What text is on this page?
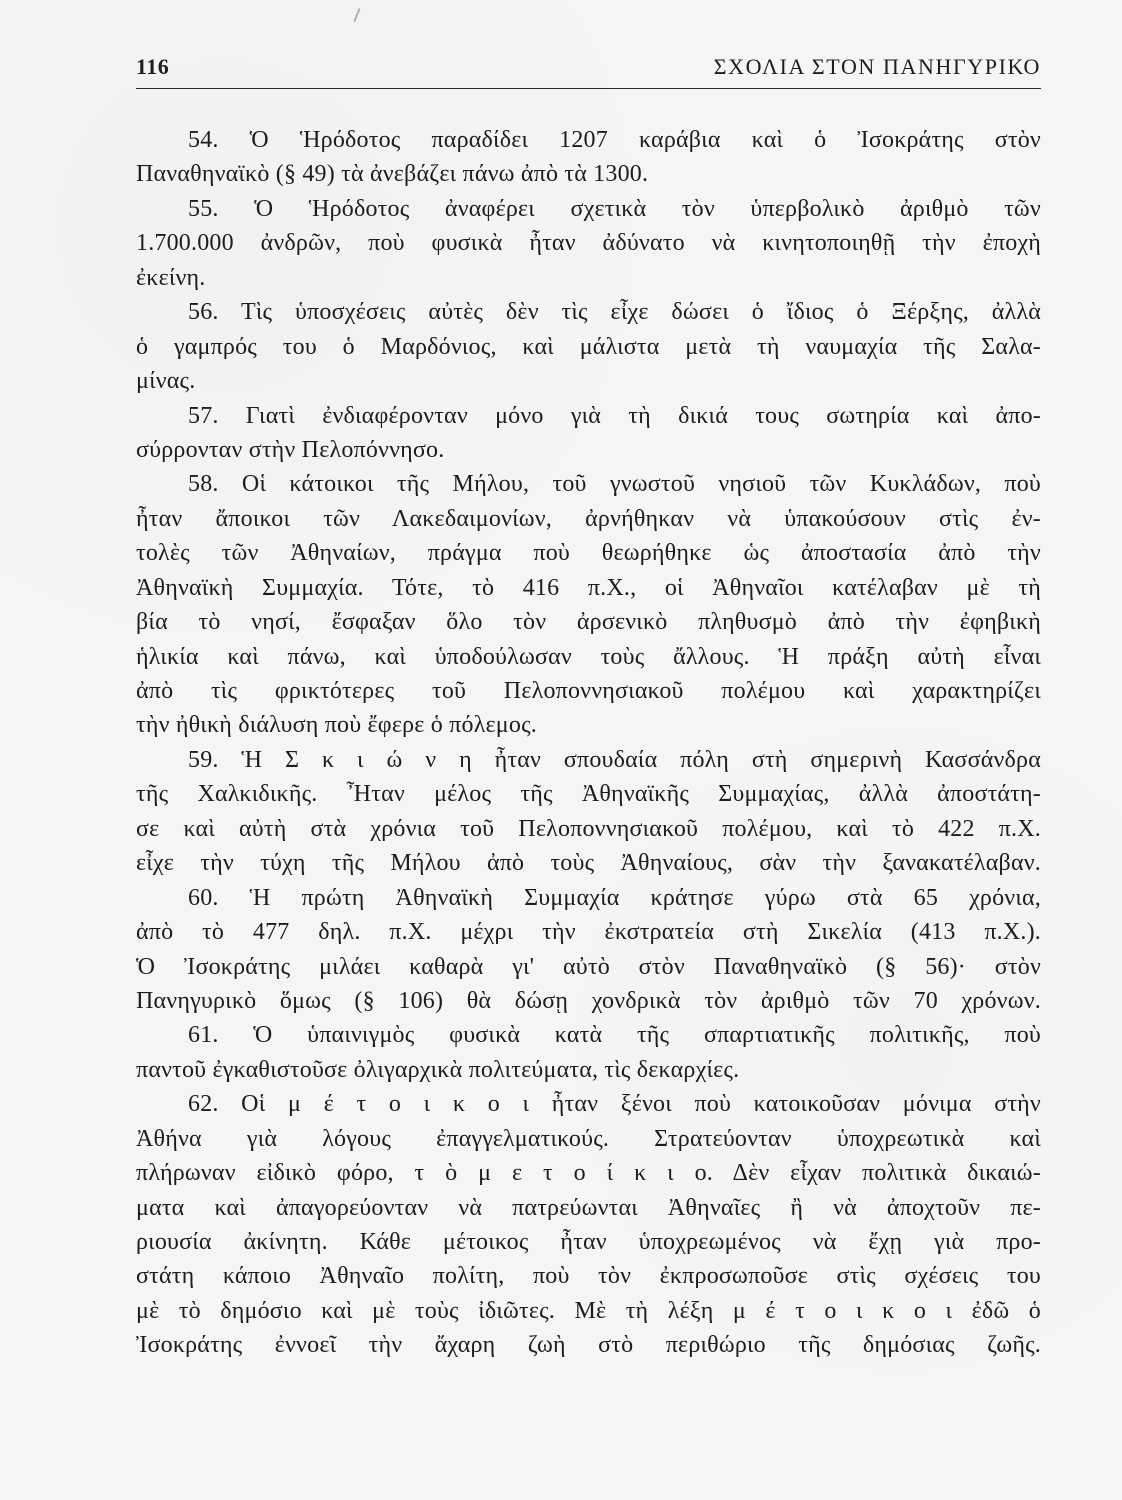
116	ΣΧΟΛΙΑ ΣΤΟΝ ΠΑΝΗΓΥΡΙΚΟ
54. Ὁ Ἡρόδοτος παραδίδει 1207 καράβια καὶ ὁ Ἰσοκράτης στὸν
Παναθηναϊκὸ (§ 49) τὰ ἀνεβάζει πάνω ἀπὸ τὰ 1300.
55. Ὁ Ἡρόδοτος ἀναφέρει σχετικὰ τὸν ὑπερβολικὸ ἀριθμὸ τῶν
1.700.000 ἀνδρῶν, ποὺ φυσικὰ ἦταν ἀδύνατο νὰ κινητοποιηθῇ τὴν ἐποχὴ
ἐκείνη.
56. Τὶς ὑποσχέσεις αὐτὲς δὲν τὶς εἶχε δώσει ὁ ἴδιος ὁ Ξέρξης, ἀλλὰ
ὁ γαμπρός του ὁ Μαρδόνιος, καὶ μάλιστα μετὰ τὴ ναυμαχία τῆς Σαλα-
μίνας.
57. Γιατὶ ἐνδιαφέρονταν μόνο γιὰ τὴ δικιά τους σωτηρία καὶ ἀπο-
σύρρονταν στὴν Πελοπόννησο.
58. Οἱ κάτοικοι τῆς Μήλου, τοῦ γνωστοῦ νησιοῦ τῶν Κυκλάδων, ποὺ
ἦταν ἄποικοι τῶν Λακεδαιμονίων, ἀρνήθηκαν νὰ ὑπακούσουν στὶς ἐν-
τολὲς τῶν Ἀθηναίων, πράγμα ποὺ θεωρήθηκε ὡς ἀποστασία ἀπὸ τὴν
Ἀθηναϊκὴ Συμμαχία. Τότε, τὸ 416 π.Χ., οἱ Ἀθηναῖοι κατέλαβαν μὲ τὴ
βία τὸ νησί, ἔσφαξαν ὅλο τὸν ἀρσενικὸ πληθυσμὸ ἀπὸ τὴν ἐφηβικὴ
ἡλικία καὶ πάνω, καὶ ὑποδούλωσαν τοὺς ἄλλους. Ἡ πράξη αὐτὴ εἶναι
ἀπὸ τὶς φρικτότερες τοῦ Πελοποννησιακοῦ πολέμου καὶ χαρακτηρίζει
τὴν ἠθικὴ διάλυση ποὺ ἔφερε ὁ πόλεμος.
59. Ἡ Σ κ ι ώ ν η ἦταν σπουδαία πόλη στὴ σημερινὴ Κασσάνδρα
τῆς Χαλκιδικῆς. Ἦταν μέλος τῆς Ἀθηναϊκῆς Συμμαχίας, ἀλλὰ ἀποστάτη-
σε καὶ αὐτὴ στὰ χρόνια τοῦ Πελοποννησιακοῦ πολέμου, καὶ τὸ 422 π.Χ.
εἶχε τὴν τύχη τῆς Μήλου ἀπὸ τοὺς Ἀθηναίους, σὰν τὴν ξανακατέλαβαν.
60. Ἡ πρώτη Ἀθηναϊκὴ Συμμαχία κράτησε γύρω στὰ 65 χρόνια,
ἀπὸ τὸ 477 δηλ. π.Χ. μέχρι τὴν ἐκστρατεία στὴ Σικελία (413 π.Χ.).
Ὁ Ἰσοκράτης μιλάει καθαρὰ γι' αὐτὸ στὸν Παναθηναϊκὸ (§ 56)· στὸν
Πανηγυρικὸ ὅμως (§ 106) θὰ δώσῃ χονδρικὰ τὸν ἀριθμὸ τῶν 70 χρόνων.
61. Ὁ ὑπαινιγμὸς φυσικὰ κατὰ τῆς σπαρτιατικῆς πολιτικῆς, ποὺ
παντοῦ ἐγκαθιστοῦσε ὀλιγαρχικὰ πολιτεύματα, τὶς δεκαρχίες.
62. Οἱ μ έ τ ο ι κ ο ι ἦταν ξένοι ποὺ κατοικοῦσαν μόνιμα στὴν
Ἀθήνα γιὰ λόγους ἐπαγγελματικούς. Στρατεύονταν ὑποχρεωτικὰ καὶ
πλήρωναν εἰδικὸ φόρο, τ ὸ μ ε τ ο ί κ ι ο. Δὲν εἶχαν πολιτικὰ δικαιώ-
ματα καὶ ἀπαγορεύονταν νὰ πατρεύωνται Ἀθηναῖες ἢ νὰ ἀποχτοῦν πε-
ριουσία ἀκίνητη. Κάθε μέτοικος ἦταν ὑποχρεωμένος νὰ ἔχῃ γιὰ προ-
στάτη κάποιο Ἀθηναῖο πολίτη, ποὺ τὸν ἐκπροσωποῦσε στὶς σχέσεις του
μὲ τὸ δημόσιο καὶ μὲ τοὺς ἰδιῶτες. Μὲ τὴ λέξη μ έ τ ο ι κ ο ι ἐδῶ ὁ
Ἰσοκράτης ἐννοεῖ τὴν ἄχαρη ζωὴ στὸ περιθώριο τῆς δημόσιας ζωῆς.
